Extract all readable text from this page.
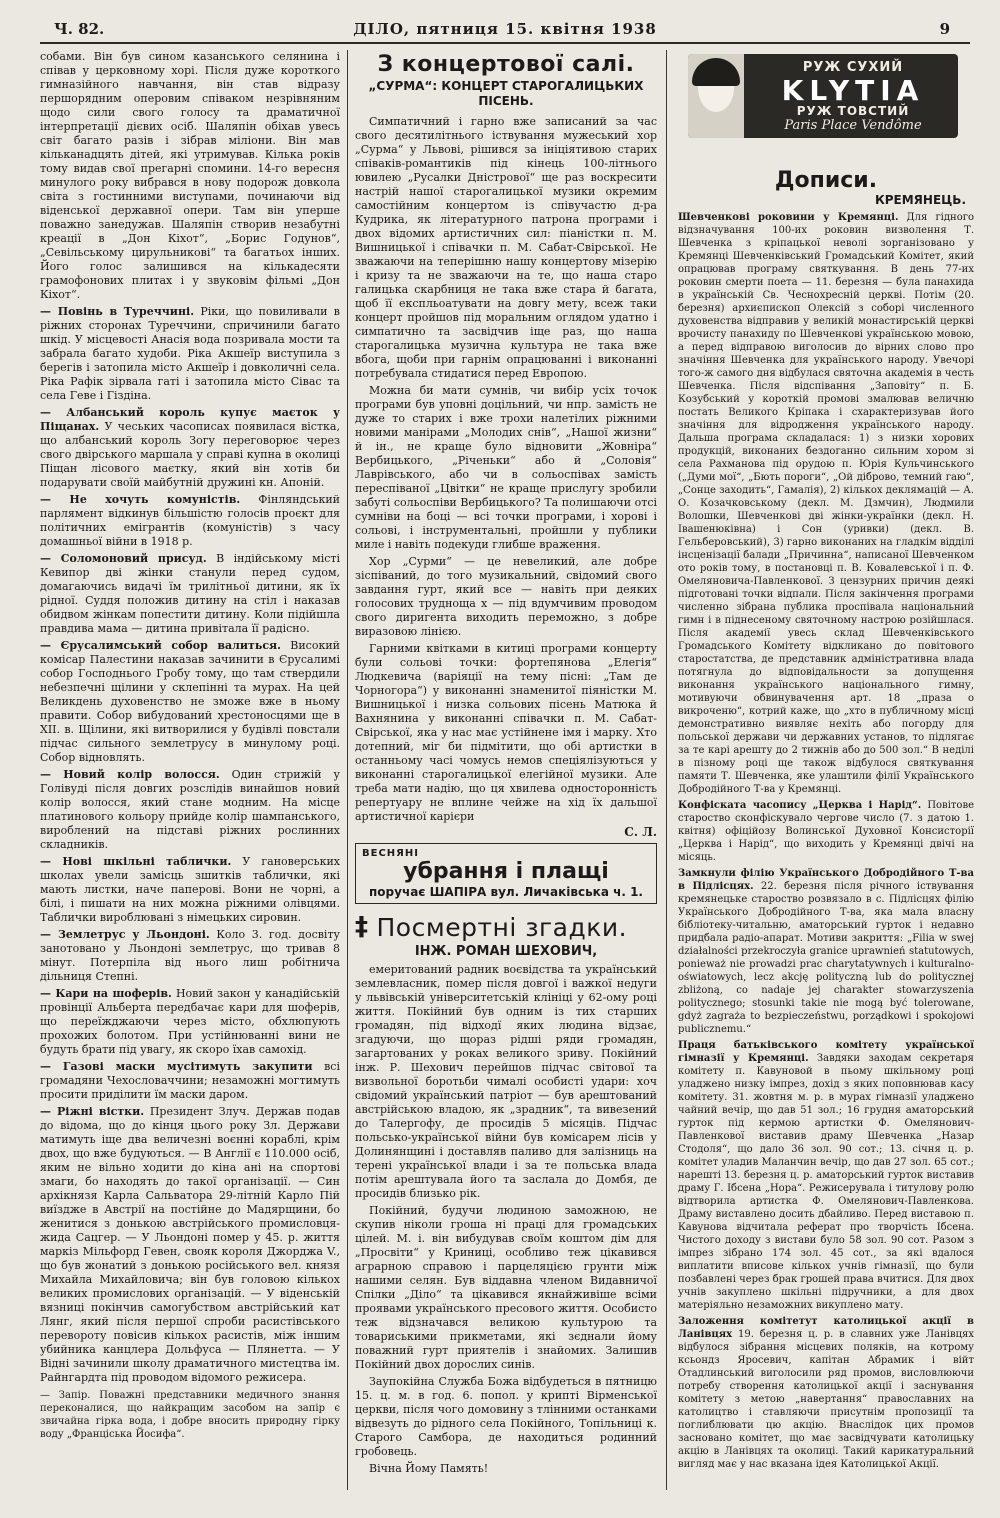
Ч. 82.	ДІЛО, пятниця 15. квітня 1938	9

собами. Він був сином казанського селянина і співав у церковному хорі. Після дуже короткого гимназійного навчання, він став відразу першорядним оперовим співаком незрівняним щодо сили свого голосу та драматичної інтерпретації дієвих осіб. Шаляпін обіхав увесь світ багато разів і зібрав міліони. Він мав кільканадцять дітей, які утримував. Кілька років тому видав свої прегарні спомини. 14-го вересня минулого року вибрався в нову подорож довкола світа з гостинними виступами, починаючи від віденської державної опери. Там він уперше поважно занедужав. Шаляпін створив незабутні креації в „Дон Кіхот“, „Борис Годунов“, „Севільському цирульникові“ та багатьох інших. Його голос залишився на кількадесяти грамофонових плитах і у звуковім фільмі „Дон Кіхот“.

— Повінь в Туреччині. Ріки, що повиливали в ріжних сторонах Туреччини, спричинили багато шкід. У місцевості Анасія вода позривала мости та забрала багато худоби. Ріка Акшеїр виступила з берегів і затопила місто Акшеїр і довколичні села. Ріка Рафік зірвала гаті і затопила місто Сівас та села Геве і Гіздіна.

— Албанський король купує маєток у Піщанах. У чеських часописах появилася вістка, що албанський король Зогу переговорює через свого двірського маршала у справі купна в околиці Піщан лісового маєтку, який він хотів би подарувати своїй майбутній дружині кн. Апоній.

— Не хочуть комуністів. Фінляндський парлямент відкинув більшістю голосів проєкт для політичних емігрантів (комуністів) з часу домашньої війни в 1918 р.

— Соломоновий присуд. В індійському місті Кевипор дві жінки станули перед судом, домагаючись видачі їм трилітньої дитини, як їх рідної. Суддя положив дитину на стіл і наказав обидвом жінкам попестити дитину. Коли підійшла правдива мама — дитина привітала її радісно.

— Єрусалимський собор валиться. Високий комісар Палестини наказав зачинити в Єрусалимі собор Господнього Гробу тому, що там ствердили небезпечні щілини у склепінні та мурах. На цей Великдень духовенство не зможе вже в ньому правити. Собор вибудований хрестоносцями ще в XII. в. Щілини, які витворилися у будівлі повстали підчас сильного землетрусу в минулому році. Собор відновлять.

— Новий колір волосся. Один стрижій у Голівуді після довгих розслідів винайшов новий колір волосся, який стане модним. На місце платинового кольору прийде колір шампанського, вироблений на підставі ріжних рослинних складників.

— Нові шкільні таблички. У гановерських школах увели замісць зшитків таблички, які мають листки, наче паперові. Вони не чорні, а білі, і пишати на них можна ріжними олівцями. Таблички вироблювані з німецьких сировин.

— Землетрус у Льондоні. Коло 3. год. досвіту занотовано у Льондоні землетрус, що тривав 8 мінут. Потерпіла від нього лиш робітнича дільниця Степні.

— Кари на шоферів. Новий закон у канадійській провінції Альберта передбачає кари для шоферів, що переїжджаючи через місто, обхлюпують прохожих болотом. При устійнюванні вини не будуть брати під увагу, як скоро їхав самохід.

— Газові маски мусітимуть закупити всі громадяни Чехословаччини; незаможні могтимуть просити приділити їм маски даром.

— Ріжні вістки. Президент Злуч. Держав подав до відома, що до кінця цього року Зл. Держави матимуть іще два величезні воєнні кораблі, крім двох, що вже будуються. — В Англії є 110.000 осіб, яким не вільно ходити до кіна ані на спортові змаги, бо находять до такої організації. — Син архікнязя Карла Сальватора 29-літній Карло Пій виїздже в Австрії на постійне до Мадярщини, бо женитися з донькою австрійського промисловця-жида Сацгер. — У Льондоні помер у 45. р. життя маркіз Мільфорд Гевен, свояк короля Джорджа V., що був жонатий з донькою російського вел. князя Михайла Михайловича; він був головою кількох великих промислових організацій. — У віденській вязниці покінчив самогубством австрійський кат Лянг, який після першої спроби расистівського перевороту повісив кількох расистів, між іншим убийника канцлера Дольфуса — Плянетта. — У Відні зачинили школу драматичного мистецтва ім. Райнгардта під проводом відомого режисера.

— Запір. Поважні представники медичного знання переконалися, що найкращим засобом на запір є звичайна гірка вода, і добре вносить природну гірку воду „Франціська Йосифа“.

З концертової салі.
„СУРМА“: КОНЦЕРТ СТАРОГАЛИЦЬКИХ ПІСЕНЬ.

Симпатичний і гарно вже записаний за час свого десятилітнього іствування мужеський хор „Сурма“ у Львові, рішився за ініціятивою старих співаків-романтиків під кінець 100-літнього ювилею „Русалки Дністрової“ ще раз воскресити настрій нашої старогалицької музики окремим самостійним концертом із співучастю д-ра Кудрика, як літературного патрона програми і двох відомих артистичних сил: піаністки п. М. Вишницької і співачки п. М. Сабат-Свірської. Не зважаючи на теперішню нашу концертову мізерію і кризу та не зважаючи на те, що наша старо галицька скарбниця не така вже стара й багата, щоб її експльоатувати на довгу мету, всеж таки концерт пройшов під моральним оглядом удатно і симпатично та засвідчив іще раз, що наша старогалицька музична культура не така вже вбога, щоби при гарнім опрацюванні і виконанні потребувала стидатися перед Европою.

Можна би мати сумнів, чи вибір усіх точок програми був упoвні доцільний, чи нпр. замість не дуже то старих і вже трохи налетілих ріжними новими манірами „Молодих снів“, „Нашої жизни“ й ін., не краще було відновити „Жовніра“ Вербицького, „Річеньки“ або й „Соловія“ Лаврівського, або чи в сольоспівах замість переспіваної „Цвітки“ не краще прислугу зробили забуті сольоспіви Вербицького? Та полишаючи отсі сумніви на боці — всі точки програми, і хорові і сольові, і інструментальні, пройшли у публики миле і навіть подекуди глибше враження.

Хор „Сурми“ — це невеликий, але добре зіспіваний, до того музикальний, свідомий свого завдання гурт, який все — навіть при деяких голосових трудноща х — під вдумчивим проводом свого диригента виходить переможно, з добре виразовою лінією.

Гарними квітками в китиці програми концерту були сольові точки: фортепянова „Елегія“ Людкевича (варіяції на тему пісні: „Там де Чорногора“) у виконанні знаменитої піяністки М. Вишницької і низка сольових пісень Матюка й Вахнянина у виконанні співачки п. М. Сабат-Свірської, яка у нас має устійнене імя і марку. Хто дотепний, міг би підмітити, що обі артистки в останньому часі чомусь немов спеціялізуються у виконанні старогалицької елегійної музики. Але треба мати надію, що ця хвилева односторонність репертуару не вплине чейже на хід їх дальшої артистичної карієри

С. Л.
ВЕСНЯНІ
убрання і плащі
поручає ШАПІРА вул. Личаківська ч. 1.
‡ Посмертні згадки.
ІНЖ. РОМАН ШЕХОВИЧ,

емеритований радник воєвідства та український землевласник, помер після довгої і важкої недуги у львівській університетській клініці у 62-ому році життя. Покійний був одним із тих старших громадян, під відходї яких людина відзає, згадуючи, що щораз рідші ряди громадян, загартованих у роках великого зриву. Покійний інж. Р. Шехович перейшов підчас світової та визвольної боротьби чималі особисті удари: хоч свідомий український патріот — був арештований австрійською владою, як „зрадник“, та вивезений до Талергофу, де просидів 5 місяців. Підчас польсько-української війни був комісарем лісів у Долинянщині і доставляв паливо для залізниць на терені української влади і за те польська влада потім арештувала його та заслала до Домбя, де просидів близько рік.

Покійний, будучи людиною заможною, не скупив ніколи гроша ні праці для громадських цілей. М. і. він вибудував своїм коштом дім для „Просвіти“ у Криниці, особливо теж цікавився аграрною справою і парцеляцією грунти між нашими селян. Був віддавна членом Видавничої Спілки „Діло“ та цікавився якнайживіше всіми проявами українського пресового життя. Особисто теж відзначався великою культурою та товариськими прикметами, які зєднали йому поважний гурт приятелів і знайомих. Залишив Покійний двох дорослих синів.

Заупокійна Служба Божа відбудеться в пятницю 15. ц. м. в год. 6. попол. у крипті Вірменської церкви, після чого домовину з тлінними останками відвезуть до рідного села Покійного, Топільниці к. Старого Самбора, де находиться родинний гробовець.

Вічна Йому Память!

РУЖ СУХИЙ
KLYTIA
РУЖ ТОВСТИЙ
Paris Place Vendôme
Дописи.
КРЕМЯНЕЦЬ.

Шевченкові роковини у Кремянці. Для гідного відзначування 100-их роковин визволення Т. Шевченка з кріпацької неволі зорганізовано у Кремянці Шевченківський Громадський Комітет, який опрацював програму святкування. В день 77-их роковин смерти поета — 11. березня — була панахида в українській Св. Чеснохресній церкві. Потім (20. березня) архиєпископ Олексій з соборі численного духовенства відправив у великій монастирській церкві врочисту панахиду по Шевченкові українською мовою, а перед відправою виголосив до вірних слово про значіння Шевченка для українського народу. Увечорі того-ж самого дня відбулася святочна академія в честь Шевченка. Після відспівання „Заповіту“ п. Б. Козубський у короткій промові змалював величню постать Великого Кріпака і схарактеризував його значіння для відродження українського народу. Дальша програма складалася: 1) з низки хорових продукцій, виконаних бездоганно сильним хором зі села Рахманова під орудою п. Юрія Кульчинського („Думи мої“, „Бють пороги“, „Ой діброво, темний гаю“, „Сонце заходить“, Гамалія), 2) кількох деклямацій — А. О. Козачковському (декл. М. Дзмчин), Людмили Волошки, Шевченкові дві жінки-українки (декл. Н. Івашенюківна) і Сон (уривки) (декл. В. Гельберовський), 3) гарно виконаних на гладкім відділі інсценізації балади „Причинна“, написаної Шевченком ото років тому, в постановці п. В. Ковалевської і п. Ф. Омеляновича-Павленкової. З цензурних причин деякі підготовані точки відпали. Після закінчення програми численно зібрана публика проспівала національний гимн і в піднесеному святочному настрою розійшлася. Після академії увесь склад Шевченківського Громадського Комітету відкликано до повітового старостатства, де представник адміністративна влада потягнула до відповідальности за допущення виконання українського національного гимну, мотивуючи обвинувачення арт. 18 „праза о викроченю“, котрий каже, що „хто в публичному місці демонстративно виявляє нехіть або погорду для польської держави чи державних установ, то підлягає за те карі арешту до 2 тижнів або до 500 зол.“ В неділі в пізному році ще також відбулося святкування памяти Т. Шевченка, яке улаштили філії Українського Добродійного Т-ва у Кремянці.

Конфіската часопису „Церква і Нарід“. Повітове староство сконфіскувало чергове число (7. з датою 1. квітня) офіційозу Волинської Духовної Консисторії „Церква і Нарід“, що виходить у Кремянці двічі на місяць.

Замкнули філію Українського Добродійного Т-ва в Підлісцях. 22. березня після річного іствування кремянецьке староство розвязало в с. Підлісцях філію Українського Добродійного Т-ва, яка мала власну бібліотеку-читальню, аматорський гурток і недавно придбала радіо-апарат. Мотиви закриття: „Filia w swej działalności przekroczyła granice uprawnień statutowych, ponieważ nie prowadzi prac charytatywnych i kulturalno-oświatowych, lecz akcję polityczną lub do politycznej zbliżoną, co nadaje jej charakter stowarzyszenia politycznego; stosunki takie nie mogą być tolerowane, gdyż zagraża to bezpieczeństwu, porządkowi i spokojowi publicznemu.“

Праця батьківського комітету української гімназії у Кремянці. Завдяки заходам секретаря комітету п. Кавуновой в пьому шкільному році уладжено низку імпрез, дохід з яких поповнював касу комітету. 31. жовтня м. р. в мурах гімназії уладжено чайний вечір, що дав 51 зол.; 16 грудня аматорський гурток під кермою артистки Ф. Омелянович-Павленкової виставив драму Шевченка „Назар Стодоля“, що дало 36 зол. 90 сот.; 13. січня ц. р. комітет уладив Маланчин вечір, що дав 27 зол. 65 сот.; нарешті 13. березня ц. р. аматорський гурток виставив драму Г. Ібсена „Нора“. Режисерувала і титулову ролю відтворила артистка Ф. Омелянович-Павленкова. Драму виставлено досить дбайливо. Перед виставою п. Кавунова відчитала реферат про творчість Ібсена. Чистого доходу з вистави було 58 зол. 90 сот. Разом з імпрез зібрано 174 зол. 45 сот., за які вдалося виплатити вписове кількох учнів гімназії, що були позбавлені через брак грошей права вчитися. Для двох учнів закуплено шкільні підручники, а для двох матеріяльно незаможних викуплено мату.

Заложення комітетут католицької акції в Ланівцях 19. березня ц. р. в славних уже Ланівцях відбулося зібрання місцевих поляків, на котрому ксьондз Яросевич, капітан Абрамик і війт Отадлинський виголосили ряд промов, висловлюючи потребу створення католицької акції і заснування комітету з метою „навертання“ православних на католицтво і ставляючи присутнім пропозиції та поглиблювати цю акцію. Внаслідок цих промов засновано комітет, що має засвідчувати католицьку акцію в Ланівцях та околиці. Такий карикатуральний вигляд має у нас вказана ідея Католицької Акції.
